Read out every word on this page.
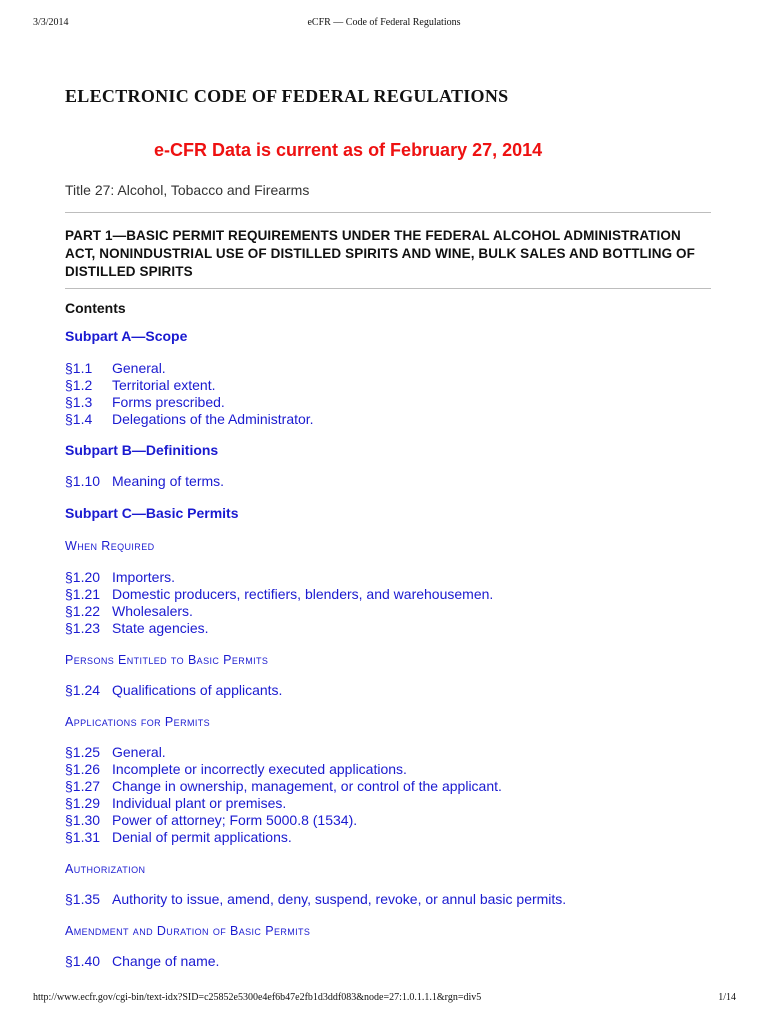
3/3/2014	eCFR — Code of Federal Regulations
ELECTRONIC CODE OF FEDERAL REGULATIONS
e-CFR Data is current as of February 27, 2014
Title 27: Alcohol, Tobacco and Firearms
PART 1—BASIC PERMIT REQUIREMENTS UNDER THE FEDERAL ALCOHOL ADMINISTRATION ACT, NONINDUSTRIAL USE OF DISTILLED SPIRITS AND WINE, BULK SALES AND BOTTLING OF DISTILLED SPIRITS
Contents
Subpart A—Scope
§1.1 General.
§1.2 Territorial extent.
§1.3 Forms prescribed.
§1.4 Delegations of the Administrator.
Subpart B—Definitions
§1.10 Meaning of terms.
Subpart C—Basic Permits
When Required
§1.20 Importers.
§1.21 Domestic producers, rectifiers, blenders, and warehousemen.
§1.22 Wholesalers.
§1.23 State agencies.
Persons Entitled to Basic Permits
§1.24 Qualifications of applicants.
Applications for Permits
§1.25 General.
§1.26 Incomplete or incorrectly executed applications.
§1.27 Change in ownership, management, or control of the applicant.
§1.29 Individual plant or premises.
§1.30 Power of attorney; Form 5000.8 (1534).
§1.31 Denial of permit applications.
Authorization
§1.35 Authority to issue, amend, deny, suspend, revoke, or annul basic permits.
Amendment and Duration of Basic Permits
§1.40 Change of name.
http://www.ecfr.gov/cgi-bin/text-idx?SID=c25852e5300e4ef6b47e2fb1d3ddf083&node=27:1.0.1.1.1&rgn=div5	1/14
